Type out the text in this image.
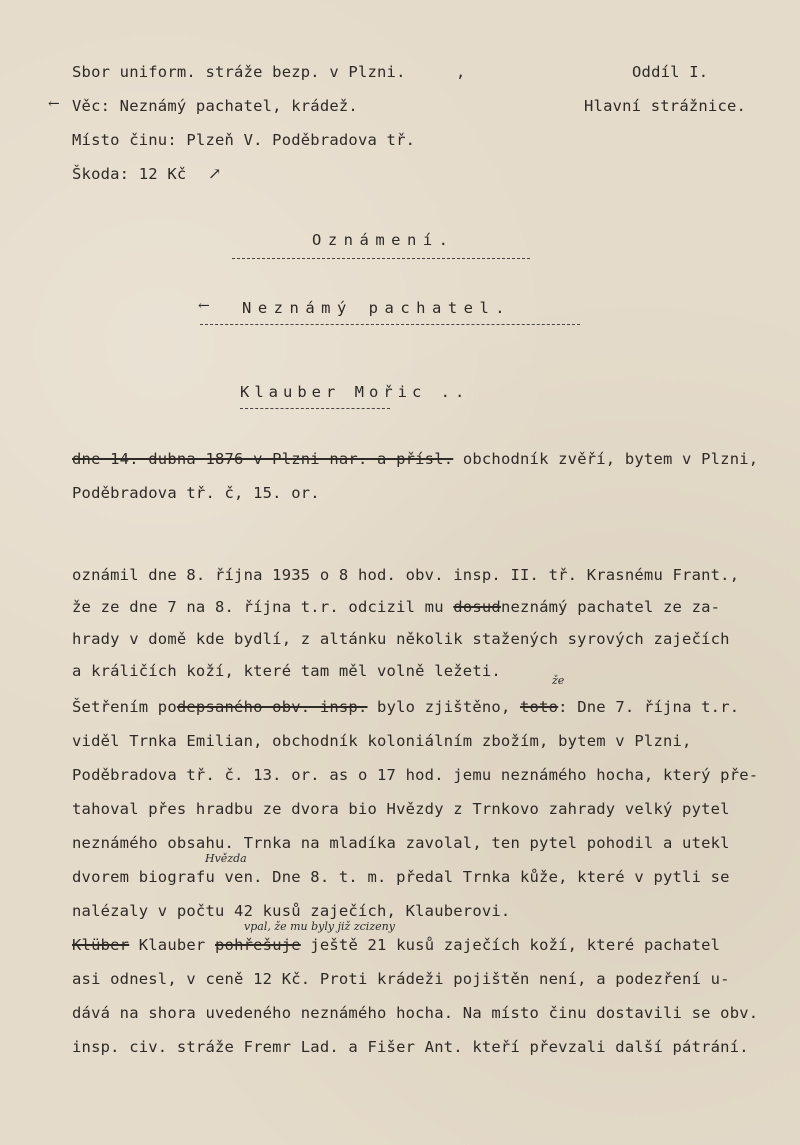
Sbor uniform. stráže bezp. v Plzni.	,	Oddíl I.
← Věc: Neznámý pachatel, krádež.	Hlavní strážnice.
Místo činu: Plzeň V. Poděbradova tř.
Škoda: 12 Kč ↗
Oznámení.
← Neznámý pachatel.
Klauber Mořic ..
dne 14. dubna 1876 v Plzni nar. a přísl. obchodník zvěří, bytem v Plzni,
Poděbradova tř. č, 15. or.
oznámil dne 8. října 1935 o 8 hod. obv. insp. II. tř. Krasnému Frant.,
že ze dne 7 na 8. října t.r. odcizil mu dosudneznámý pachatel ze za-
hrady v domě kde bydlí, z altánku několik stažených syrových zaječích
a králičích koží, které tam měl volně ležeti.
že
Šetřením podepsaného obv. insp. bylo zjištěno, toto: Dne 7. října t.r.
viděl Trnka Emilian, obchodník koloniálním zbožím, bytem v Plzni,
Poděbradova tř. č. 13. or. as o 17 hod. jemu neznámého hocha, který pře-
tahoval přes hradbu ze dvora bio Hvězdy z Trnkovo zahrady velký pytel
neznámého obsahu. Trnka na mladíka zavolal, ten pytel pohodil a utekl
Hvězda
dvorem biografu ven. Dne 8. t. m. předal Trnka kůže, které v pytli se
nalézaly v počtu 42 kusů zaječích, Klauberovi.
vpal, že mu byly již zcizeny
Klüber Klauber pohřešuje ještě 21 kusů zaječích koží, které pachatel
asi odnesl, v ceně 12 Kč. Proti krádeži pojištěn není, a podezření u-
dává na shora uvedeného neznámého hocha. Na místo činu dostavili se obv.
insp. civ. stráže Fremr Lad. a Fišer Ant. kteří převzali další pátrání.
